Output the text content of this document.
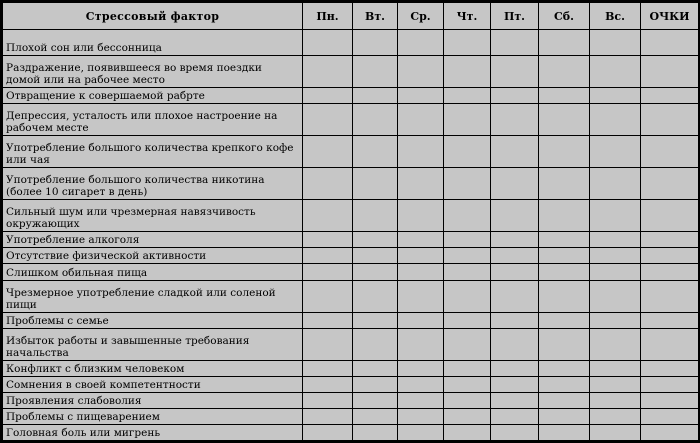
Стрессовый фактор	Пн.	Вт.	Ср.	Чт.	Пт.	Сб.	Вс.	ОЧКИ
Плохой сон или бессонница								
Раздражение, появившееся во время поездки домой или на рабочее место								
Отвращение к совершаемой рабрте								
Депрессия, усталость или плохое настроение на рабочем месте								
Употребление большого количества крепкого кофе или чая								
Употребление большого количества никотина (более 10 сигарет в день)								
Сильный шум или чрезмерная навязчивость окружающих								
Употребление алкоголя								
Отсутствие физической активности								
Слишком обильная пища								
Чрезмерное употребление сладкой или соленой пищи								
Проблемы с семье								
Избыток работы и завышенные требования начальства								
Конфликт с близким человеком								
Сомнения в своей компетентности								
Проявления слабоволия								
Проблемы с пищеварением								
Головная боль или мигрень								
